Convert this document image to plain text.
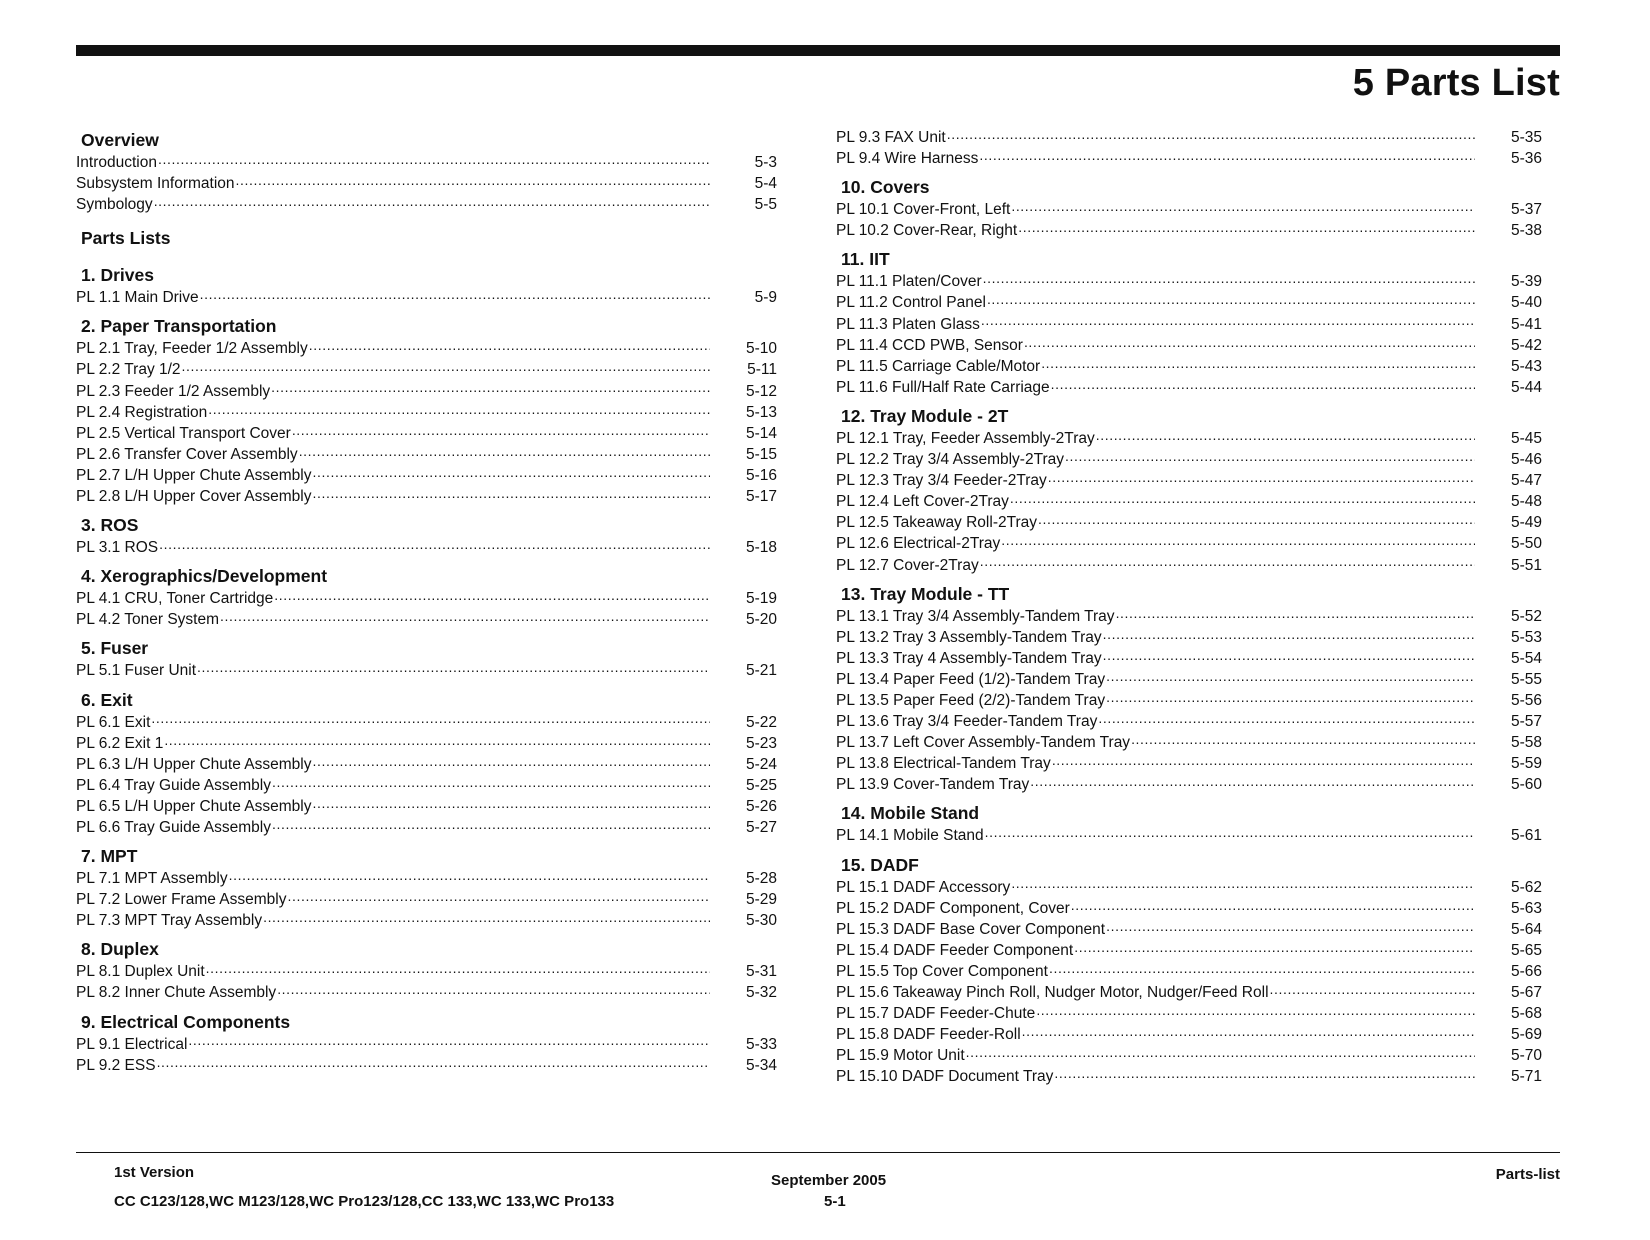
5 Parts List
Overview
Introduction .....	5-3
Subsystem Information .....	5-4
Symbology .....	5-5
Parts Lists
1. Drives
PL 1.1 Main Drive .....	5-9
2. Paper Transportation
PL 2.1 Tray, Feeder 1/2 Assembly .....	5-10
PL 2.2 Tray 1/2 .....	5-11
PL 2.3 Feeder 1/2 Assembly .....	5-12
PL 2.4 Registration .....	5-13
PL 2.5 Vertical Transport Cover .....	5-14
PL 2.6 Transfer Cover Assembly .....	5-15
PL 2.7 L/H Upper Chute Assembly .....	5-16
PL 2.8 L/H Upper Cover Assembly .....	5-17
3. ROS
PL 3.1 ROS .....	5-18
4. Xerographics/Development
PL 4.1 CRU, Toner Cartridge .....	5-19
PL 4.2 Toner System .....	5-20
5. Fuser
PL 5.1 Fuser Unit .....	5-21
6. Exit
PL 6.1 Exit .....	5-22
PL 6.2 Exit 1 .....	5-23
PL 6.3 L/H Upper Chute Assembly .....	5-24
PL 6.4 Tray Guide Assembly .....	5-25
PL 6.5 L/H Upper Chute Assembly .....	5-26
PL 6.6 Tray Guide Assembly .....	5-27
7. MPT
PL 7.1 MPT Assembly .....	5-28
PL 7.2 Lower Frame Assembly .....	5-29
PL 7.3 MPT Tray Assembly .....	5-30
8. Duplex
PL 8.1 Duplex Unit .....	5-31
PL 8.2 Inner Chute Assembly .....	5-32
9. Electrical Components
PL 9.1 Electrical .....	5-33
PL 9.2 ESS .....	5-34
PL 9.3 FAX Unit .....	5-35
PL 9.4 Wire Harness .....	5-36
10. Covers
PL 10.1 Cover-Front, Left .....	5-37
PL 10.2 Cover-Rear, Right .....	5-38
11. IIT
PL 11.1 Platen/Cover .....	5-39
PL 11.2 Control Panel .....	5-40
PL 11.3 Platen Glass .....	5-41
PL 11.4 CCD PWB, Sensor .....	5-42
PL 11.5 Carriage Cable/Motor .....	5-43
PL 11.6 Full/Half Rate Carriage .....	5-44
12. Tray Module - 2T
PL 12.1 Tray, Feeder Assembly-2Tray .....	5-45
PL 12.2 Tray 3/4 Assembly-2Tray .....	5-46
PL 12.3 Tray 3/4 Feeder-2Tray .....	5-47
PL 12.4 Left Cover-2Tray .....	5-48
PL 12.5 Takeaway Roll-2Tray .....	5-49
PL 12.6 Electrical-2Tray .....	5-50
PL 12.7 Cover-2Tray .....	5-51
13. Tray Module - TT
PL 13.1 Tray 3/4 Assembly-Tandem Tray .....	5-52
PL 13.2 Tray 3 Assembly-Tandem Tray .....	5-53
PL 13.3 Tray 4 Assembly-Tandem Tray .....	5-54
PL 13.4 Paper Feed (1/2)-Tandem Tray .....	5-55
PL 13.5 Paper Feed (2/2)-Tandem Tray .....	5-56
PL 13.6 Tray 3/4 Feeder-Tandem Tray .....	5-57
PL 13.7 Left Cover Assembly-Tandem Tray .....	5-58
PL 13.8 Electrical-Tandem Tray .....	5-59
PL 13.9 Cover-Tandem Tray .....	5-60
14. Mobile Stand
PL 14.1 Mobile Stand .....	5-61
15. DADF
PL 15.1 DADF Accessory .....	5-62
PL 15.2 DADF Component, Cover .....	5-63
PL 15.3 DADF Base Cover Component .....	5-64
PL 15.4 DADF Feeder Component .....	5-65
PL 15.5 Top Cover Component .....	5-66
PL 15.6 Takeaway Pinch Roll, Nudger Motor, Nudger/Feed Roll .....	5-67
PL 15.7 DADF Feeder-Chute .....	5-68
PL 15.8 DADF Feeder-Roll .....	5-69
PL 15.9 Motor Unit .....	5-70
PL 15.10 DADF Document Tray .....	5-71
1st Version
CC C123/128,WC M123/128,WC Pro123/128,CC 133,WC 133,WC Pro133
September 2005
5-1
Parts-list
